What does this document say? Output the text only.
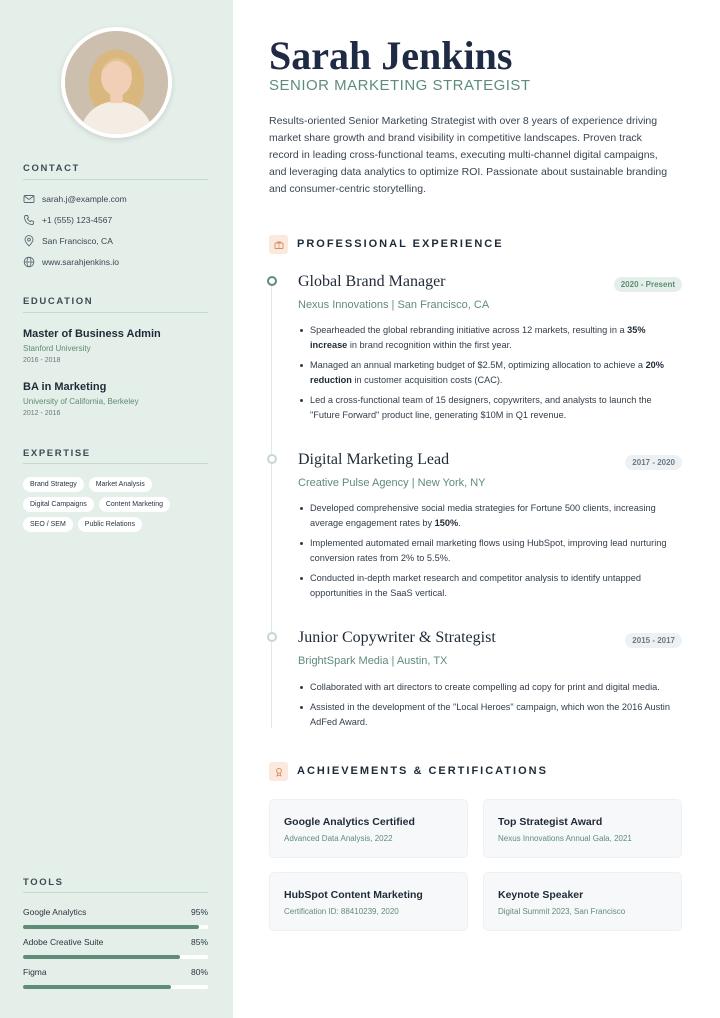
CONTACT
sarah.j@example.com
+1 (555) 123-4567
San Francisco, CA
www.sarahjenkins.io
EDUCATION
Master of Business Admin
Stanford University
2016 - 2018
BA in Marketing
University of California, Berkeley
2012 - 2016
EXPERTISE
Brand Strategy	Market Analysis
Digital Campaigns	Content Marketing
SEO / SEM	Public Relations
TOOLS
Google Analytics	95%
Adobe Creative Suite	85%
Figma	80%
Sarah Jenkins
SENIOR MARKETING STRATEGIST

Results-oriented Senior Marketing Strategist with over 8 years of experience driving market share growth and brand visibility in competitive landscapes. Proven track record in leading cross-functional teams, executing multi-channel digital campaigns, and leveraging data analytics to optimize ROI. Passionate about sustainable branding and consumer-centric storytelling.

PROFESSIONAL EXPERIENCE
Global Brand Manager	2020 - Present
Nexus Innovations | San Francisco, CA
Spearheaded the global rebranding initiative across 12 markets, resulting in a 35% increase in brand recognition within the first year.
Managed an annual marketing budget of $2.5M, optimizing allocation to achieve a 20% reduction in customer acquisition costs (CAC).
Led a cross-functional team of 15 designers, copywriters, and analysts to launch the "Future Forward" product line, generating $10M in Q1 revenue.
Digital Marketing Lead	2017 - 2020
Creative Pulse Agency | New York, NY
Developed comprehensive social media strategies for Fortune 500 clients, increasing average engagement rates by 150%.
Implemented automated email marketing flows using HubSpot, improving lead nurturing conversion rates from 2% to 5.5%.
Conducted in-depth market research and competitor analysis to identify untapped opportunities in the SaaS vertical.
Junior Copywriter & Strategist	2015 - 2017
BrightSpark Media | Austin, TX
Collaborated with art directors to create compelling ad copy for print and digital media.
Assisted in the development of the "Local Heroes" campaign, which won the 2016 Austin AdFed Award.
ACHIEVEMENTS & CERTIFICATIONS
Google Analytics Certified
Advanced Data Analysis, 2022
Top Strategist Award
Nexus Innovations Annual Gala, 2021
HubSpot Content Marketing
Certification ID: 88410239, 2020
Keynote Speaker
Digital Summit 2023, San Francisco
